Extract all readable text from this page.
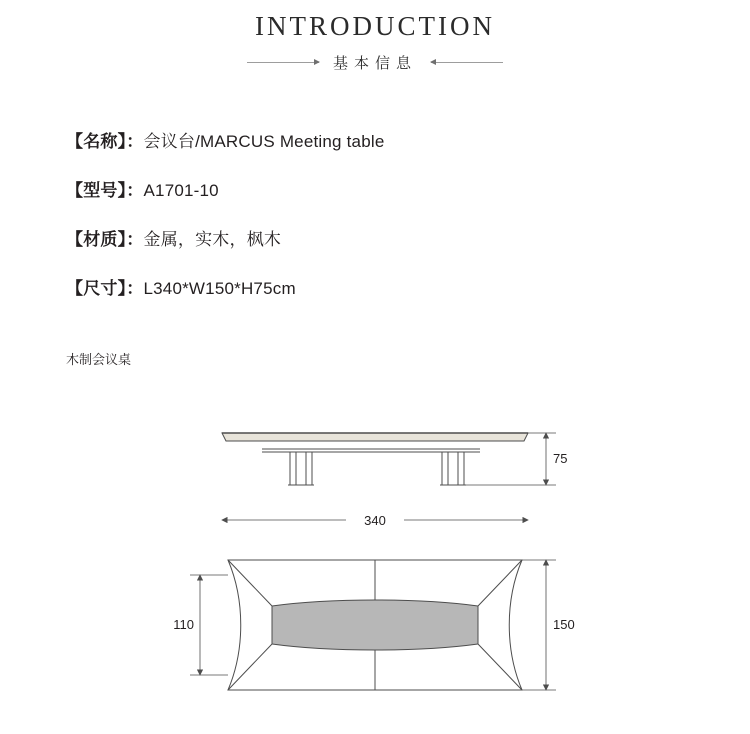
INTRODUCTION
基本信息
【名称】：会议台/MARCUS Meeting table
【型号】：A1701-10
【材质】：金属，实木，枫木
【尺寸】：L340*W150*H75cm
木制会议桌
75
340
110	150
